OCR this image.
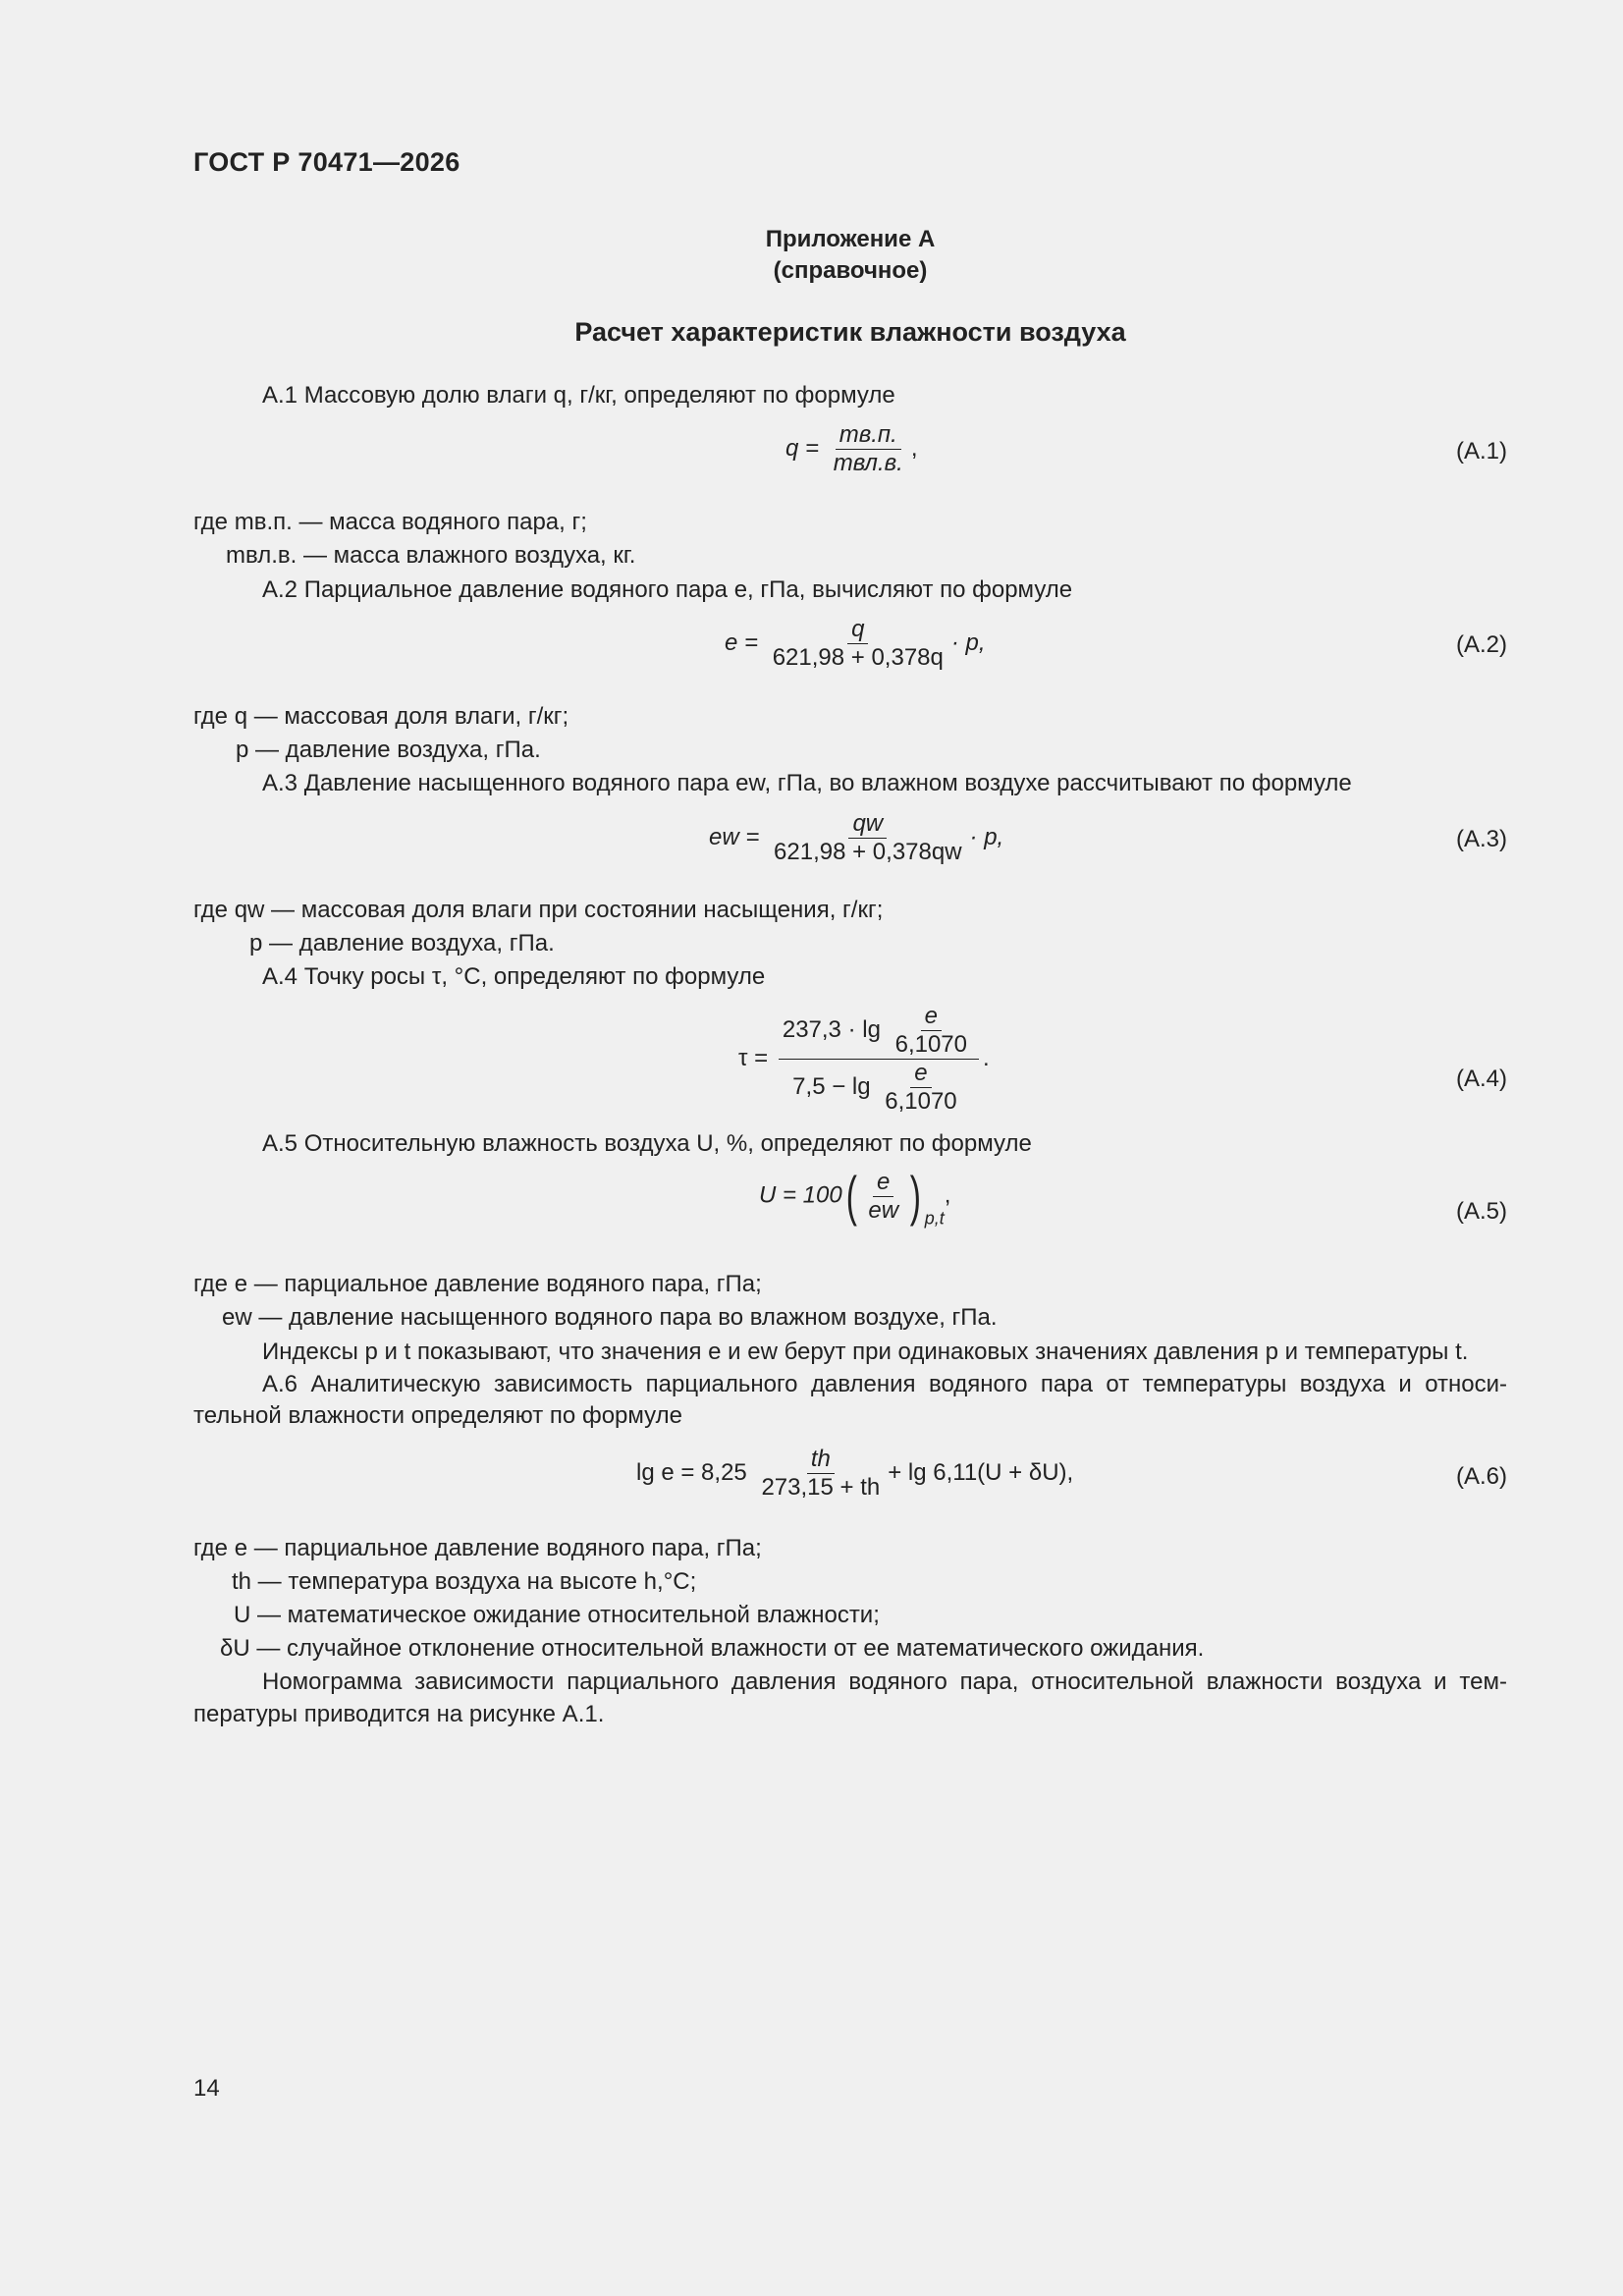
ГОСТ Р 70471—2026
Приложение А
(справочное)
Расчет характеристик влажности воздуха
А.1 Массовую долю влаги q, г/кг, определяют по формуле
$q = \frac{mв.п.}{\text{mвл.в.}}$ ,	(А.1)
где mв.п. — масса водяного пара, г;
mвл.в. — масса влажного воздуха, кг.
А.2 Парциальное давление водяного пара e, гПа, вычисляют по формуле
$e = \frac{q}{621,98 + 0,378q} \cdot p$,	(А.2)
где q — массовая доля влаги, г/кг;
p — давление воздуха, гПа.
А.3 Давление насыщенного водяного пара ew, гПа, во влажном воздухе рассчитывают по формуле
ew = $\frac{qw}{621,98 + 0,378qw} \cdot p$,	(А.3)
где qw — массовая доля влаги при состоянии насыщения, г/кг;
p — давление воздуха, гПа.
А.4 Точку росы τ, °С, определяют по формуле
$\tau = \frac{237,3 \cdot \lg \frac{e}{6,1070}}{7,5 - \lg \frac{e}{6,1070}}$ .
(А.4)
А.5 Относительную влажность воздуха U, %, определяют по формуле
$U = 100( \frac{e}{ew}$ ) $_{p,t}$,
(А.5)
где e — парциальное давление водяного пара, гПа;
ew — давление насыщенного водяного пара во влажном воздухе, гПа.
Индексы p и t показывают, что значения e и ew берут при одинаковых значениях давления p и температуры t.
А.6 Аналитическую зависимость парциального давления водяного пара от температуры воздуха и относи-
тельной влажности определяют по формуле
$\lg e = 8,25 \frac{th}{273,15 + th} + \lg 6,11(U + \delta U)$,	(А.6)
где e — парциальное давление водяного пара, гПа;
th — температура воздуха на высоте h,°С;
U — математическое ожидание относительной влажности;
δU — случайное отклонение относительной влажности от ее математического ожидания.
Номограмма зависимости парциального давления водяного пара, относительной влажности воздуха и тем-
пературы приводится на рисунке А.1.
14
